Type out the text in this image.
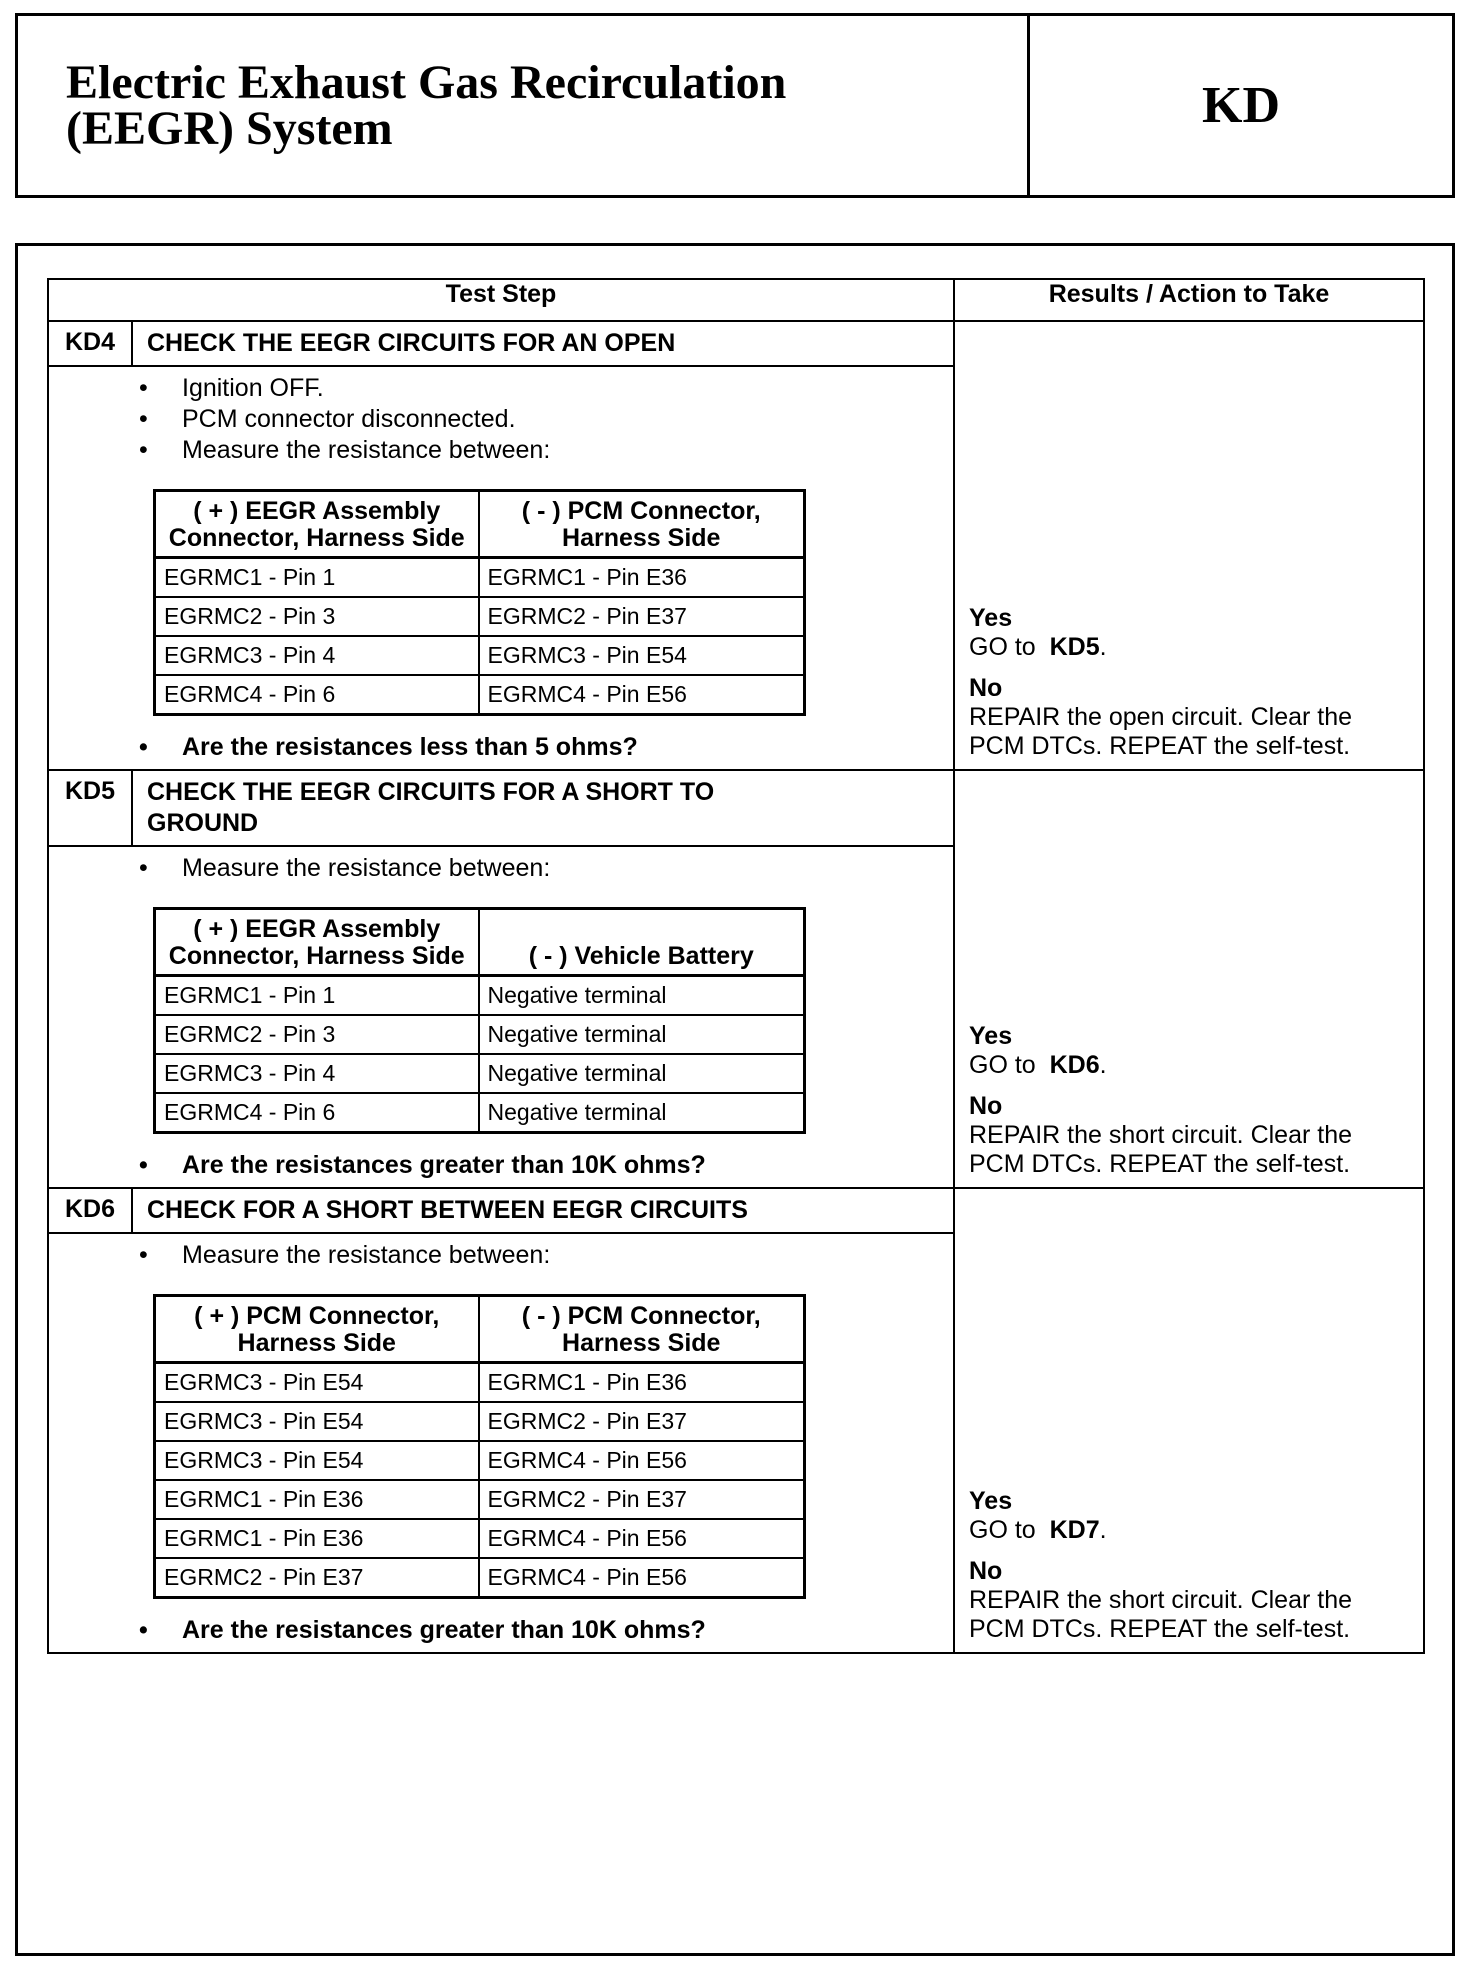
Electric Exhaust Gas Recirculation
(EEGR) System	KD
Test Step	Results / Action to Take

KD4	CHECK THE EEGR CIRCUITS FOR AN OPEN

• Ignition OFF.
• PCM connector disconnected.
• Measure the resistance between:
( + ) EEGR Assembly Connector, Harness Side	( - ) PCM Connector, Harness Side
EGRMC1 - Pin 1	EGRMC1 - Pin E36
EGRMC2 - Pin 3	EGRMC2 - Pin E37
EGRMC3 - Pin 4	EGRMC3 - Pin E54
EGRMC4 - Pin 6	EGRMC4 - Pin E56
• Are the resistances less than 5 ohms?

Yes
GO to KD5.
No
REPAIR the open circuit. Clear the
PCM DTCs. REPEAT the self-test.

KD5	CHECK THE EEGR CIRCUITS FOR A SHORT TO
GROUND

• Measure the resistance between:
( + ) EEGR Assembly Connector, Harness Side	( - ) Vehicle Battery
EGRMC1 - Pin 1	Negative terminal
EGRMC2 - Pin 3	Negative terminal
EGRMC3 - Pin 4	Negative terminal
EGRMC4 - Pin 6	Negative terminal
• Are the resistances greater than 10K ohms?

Yes
GO to KD6.
No
REPAIR the short circuit. Clear the
PCM DTCs. REPEAT the self-test.

KD6	CHECK FOR A SHORT BETWEEN EEGR CIRCUITS

• Measure the resistance between:
( + ) PCM Connector, Harness Side	( - ) PCM Connector, Harness Side
EGRMC3 - Pin E54	EGRMC1 - Pin E36
EGRMC3 - Pin E54	EGRMC2 - Pin E37
EGRMC3 - Pin E54	EGRMC4 - Pin E56
EGRMC1 - Pin E36	EGRMC2 - Pin E37
EGRMC1 - Pin E36	EGRMC4 - Pin E56
EGRMC2 - Pin E37	EGRMC4 - Pin E56
• Are the resistances greater than 10K ohms?

Yes
GO to KD7.
No
REPAIR the short circuit. Clear the
PCM DTCs. REPEAT the self-test.
